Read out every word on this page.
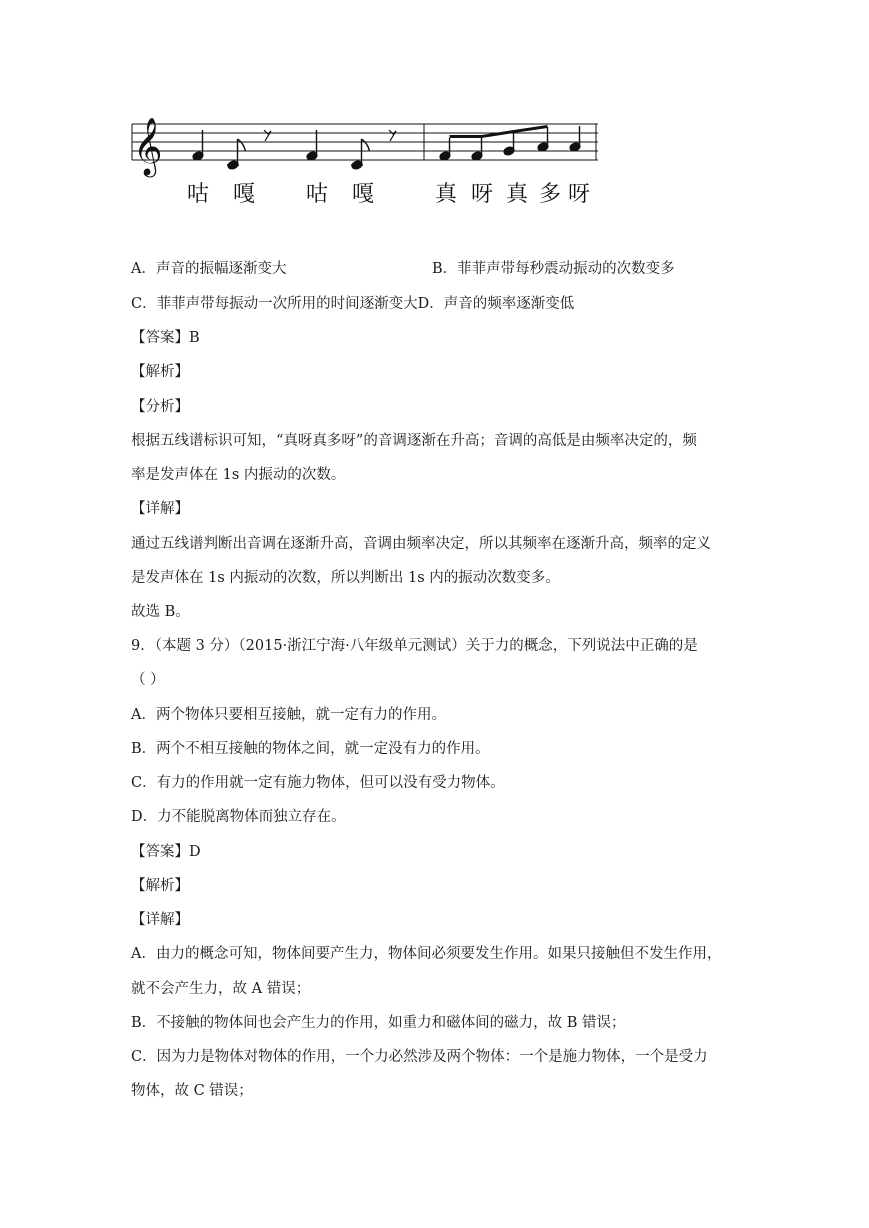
𝄞
咕 嘎 咕 嘎	真 呀 真 多 呀
A．声音的振幅逐渐变大	B．菲菲声带每秒震动振动的次数变多
C．菲菲声带每振动一次所用的时间逐渐变大D．声音的频率逐渐变低
【答案】B
【解析】
【分析】
根据五线谱标识可知，“真呀真多呀”的音调逐渐在升高；音调的高低是由频率决定的，频
率是发声体在 1s 内振动的次数。
【详解】
通过五线谱判断出音调在逐渐升高，音调由频率决定，所以其频率在逐渐升高，频率的定义
是发声体在 1s 内振动的次数，所以判断出 1s 内的振动次数变多。
故选 B。
9．（本题 3 分）（2015·浙江宁海·八年级单元测试）关于力的概念，下列说法中正确的是
（ ）
A．两个物体只要相互接触，就一定有力的作用。
B．两个不相互接触的物体之间，就一定没有力的作用。
C．有力的作用就一定有施力物体，但可以没有受力物体。
D．力不能脱离物体而独立存在。
【答案】D
【解析】
【详解】
A．由力的概念可知，物体间要产生力，物体间必须要发生作用。如果只接触但不发生作用，
就不会产生力，故 A 错误；
B．不接触的物体间也会产生力的作用，如重力和磁体间的磁力，故 B 错误；
C．因为力是物体对物体的作用，一个力必然涉及两个物体：一个是施力物体，一个是受力
物体，故 C 错误；
